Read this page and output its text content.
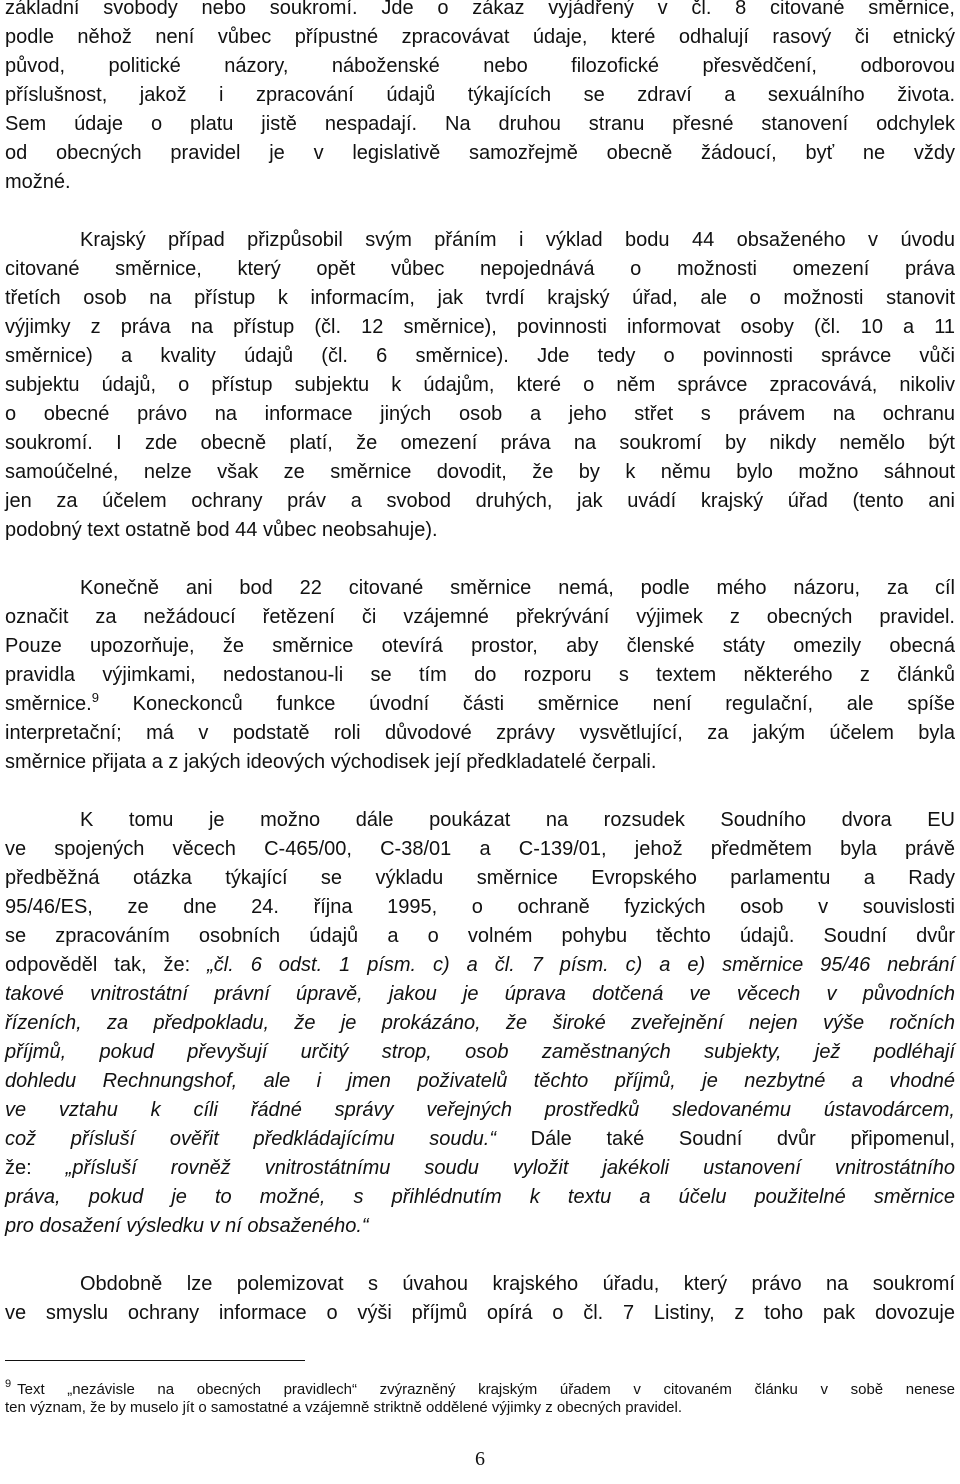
základní svobody nebo soukromí. Jde o zákaz vyjádřený v čl. 8 citované směrnice,
podle něhož není vůbec přípustné zpracovávat údaje, které odhalují rasový či etnický
původ, politické názory, náboženské nebo filozofické přesvědčení, odborovou
příslušnost, jakož i zpracování údajů týkajících se zdraví a sexuálního života.
Sem údaje o platu jistě nespadají. Na druhou stranu přesné stanovení odchylek
od obecných pravidel je v legislativě samozřejmě obecně žádoucí, byť ne vždy
možné.
Krajský případ přizpůsobil svým přáním i výklad bodu 44 obsaženého v úvodu
citované směrnice, který opět vůbec nepojednává o možnosti omezení práva
třetích osob na přístup k informacím, jak tvrdí krajský úřad, ale o možnosti stanovit
výjimky z práva na přístup (čl. 12 směrnice), povinnosti informovat osoby (čl. 10 a 11
směrnice) a kvality údajů (čl. 6 směrnice). Jde tedy o povinnosti správce vůči
subjektu údajů, o přístup subjektu k údajům, které o něm správce zpracovává, nikoliv
o obecné právo na informace jiných osob a jeho střet s právem na ochranu
soukromí. I zde obecně platí, že omezení práva na soukromí by nikdy nemělo být
samoúčelné, nelze však ze směrnice dovodit, že by k němu bylo možno sáhnout
jen za účelem ochrany práv a svobod druhých, jak uvádí krajský úřad (tento ani
podobný text ostatně bod 44 vůbec neobsahuje).
Konečně ani bod 22 citované směrnice nemá, podle mého názoru, za cíl
označit za nežádoucí řetězení či vzájemné překrývání výjimek z obecných pravidel.
Pouze upozorňuje, že směrnice otevírá prostor, aby členské státy omezily obecná
pravidla výjimkami, nedostanou-li se tím do rozporu s textem některého z článků
směrnice.$^9$ Koneckonců funkce úvodní části směrnice není regulační, ale spíše
interpretační; má v podstatě roli důvodové zprávy vysvětlující, za jakým účelem byla
směrnice přijata a z jakých ideových východisek její předkladatelé čerpali.
K tomu je možno dále poukázat na rozsudek Soudního dvora EU
ve spojených věcech C-465/00, C-38/01 a C-139/01, jehož předmětem byla právě
předběžná otázka týkající se výkladu směrnice Evropského parlamentu a Rady
95/46/ES, ze dne 24. října 1995, o ochraně fyzických osob v souvislosti
se zpracováním osobních údajů a o volném pohybu těchto údajů. Soudní dvůr
odpověděl tak, že: „čl. 6 odst. 1 písm. c) a čl. 7 písm. c) a e) směrnice 95/46 nebrání
takové vnitrostátní právní úpravě, jakou je úprava dotčená ve věcech v původních
řízeních, za předpokladu, že je prokázáno, že široké zveřejnění nejen výše ročních
příjmů, pokud převyšují určitý strop, osob zaměstnaných subjekty, jež podléhají
dohledu Rechnungshof, ale i jmen poživatelů těchto příjmů, je nezbytné a vhodné
ve vztahu k cíli řádné správy veřejných prostředků sledovanému ústavodárcem,
což přísluší ověřit předkládajícímu soudu.“ Dále také Soudní dvůr připomenul,
že: „přísluší rovněž vnitrostátnímu soudu vyložit jakékoli ustanovení vnitrostátního
práva, pokud je to možné, s přihlédnutím k textu a účelu použitelné směrnice
pro dosažení výsledku v ní obsaženého.“
Obdobně lze polemizovat s úvahou krajského úřadu, který právo na soukromí
ve smyslu ochrany informace o výši příjmů opírá o čl. 7 Listiny, z toho pak dovozuje
$^9$ Text „nezávisle na obecných pravidlech“ zvýrazněný krajským úřadem v citovaném článku v sobě nenese
ten význam, že by muselo jít o samostatné a vzájemně striktně oddělené výjimky z obecných pravidel.
6
